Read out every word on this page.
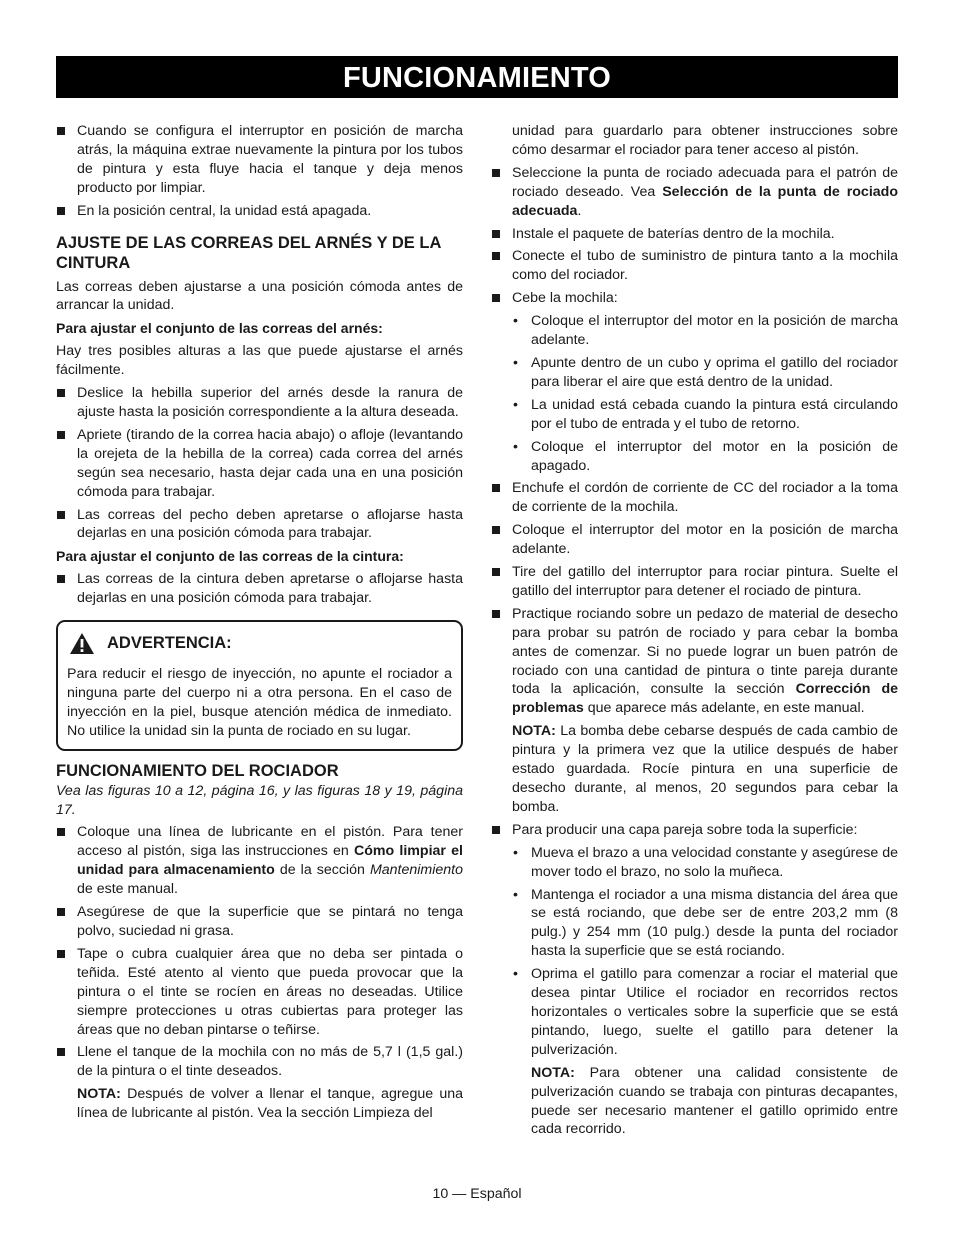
FUNCIONAMIENTO
Cuando se configura el interruptor en posición de marcha atrás, la máquina extrae nuevamente la pintura por los tubos de pintura y esta fluye hacia el tanque y deja menos producto por limpiar.
En la posición central, la unidad está apagada.
AJUSTE DE LAS CORREAS DEL ARNÉS Y DE LA CINTURA

Las correas deben ajustarse a una posición cómoda antes de arrancar la unidad.

Para ajustar el conjunto de las correas del arnés:

Hay tres posibles alturas a las que puede ajustarse el arnés fácilmente.

Deslice la hebilla superior del arnés desde la ranura de ajuste hasta la posición correspondiente a la altura deseada.
Apriete (tirando de la correa hacia abajo) o afloje (levantando la orejeta de la hebilla de la correa) cada correa del arnés según sea necesario, hasta dejar cada una en una posición cómoda para trabajar.
Las correas del pecho deben apretarse o aflojarse hasta dejarlas en una posición cómoda para trabajar.
Para ajustar el conjunto de las correas de la cintura:
Las correas de la cintura deben apretarse o aflojarse hasta dejarlas en una posición cómoda para trabajar.
ADVERTENCIA:

Para reducir el riesgo de inyección, no apunte el rociador a ninguna parte del cuerpo ni a otra persona. En el caso de inyección en la piel, busque atención médica de inmediato. No utilice la unidad sin la punta de rociado en su lugar.

FUNCIONAMIENTO DEL ROCIADOR

Vea las figuras 10 a 12, página 16, y las figuras 18 y 19, página 17.

Coloque una línea de lubricante en el pistón. Para tener acceso al pistón, siga las instrucciones en Cómo limpiar el unidad para almacenamiento de la sección Mantenimiento de este manual.
Asegúrese de que la superficie que se pintará no tenga polvo, suciedad ni grasa.
Tape o cubra cualquier área que no deba ser pintada o teñida. Esté atento al viento que pueda provocar que la pintura o el tinte se rocíen en áreas no deseadas. Utilice siempre protecciones u otras cubiertas para proteger las áreas que no deban pintarse o teñirse.
Llene el tanque de la mochila con no más de 5,7 l (1,5 gal.) de la pintura o el tinte deseados.

NOTA: Después de volver a llenar el tanque, agregue una línea de lubricante al pistón. Vea la sección Limpieza del

unidad para guardarlo para obtener instrucciones sobre cómo desarmar el rociador para tener acceso al pistón.

Seleccione la punta de rociado adecuada para el patrón de rociado deseado. Vea Selección de la punta de rociado adecuada.
Instale el paquete de baterías dentro de la mochila.
Conecte el tubo de suministro de pintura tanto a la mochila como del rociador.
Cebe la mochila:
• Coloque el interruptor del motor en la posición de marcha adelante.
• Apunte dentro de un cubo y oprima el gatillo del rociador para liberar el aire que está dentro de la unidad.
• La unidad está cebada cuando la pintura está circulando por el tubo de entrada y el tubo de retorno.
• Coloque el interruptor del motor en la posición de apagado.
Enchufe el cordón de corriente de CC del rociador a la toma de corriente de la mochila.
Coloque el interruptor del motor en la posición de marcha adelante.
Tire del gatillo del interruptor para rociar pintura. Suelte el gatillo del interruptor para detener el rociado de pintura.
Practique rociando sobre un pedazo de material de desecho para probar su patrón de rociado y para cebar la bomba antes de comenzar. Si no puede lograr un buen patrón de rociado con una cantidad de pintura o tinte pareja durante toda la aplicación, consulte la sección Corrección de problemas que aparece más adelante, en este manual.

NOTA: La bomba debe cebarse después de cada cambio de pintura y la primera vez que la utilice después de haber estado guardada. Rocíe pintura en una superficie de desecho durante, al menos, 20 segundos para cebar la bomba.

Para producir una capa pareja sobre toda la superficie:
• Mueva el brazo a una velocidad constante y asegúrese de mover todo el brazo, no solo la muñeca.
• Mantenga el rociador a una misma distancia del área que se está rociando, que debe ser de entre 203,2 mm (8 pulg.) y 254 mm (10 pulg.) desde la punta del rociador hasta la superficie que se está rociando.
• Oprima el gatillo para comenzar a rociar el material que desea pintar Utilice el rociador en recorridos rectos horizontales o verticales sobre la superficie que se está pintando, luego, suelte el gatillo para detener la pulverización.

NOTA: Para obtener una calidad consistente de pulverización cuando se trabaja con pinturas decapantes, puede ser necesario mantener el gatillo oprimido entre cada recorrido.

10 — Español
